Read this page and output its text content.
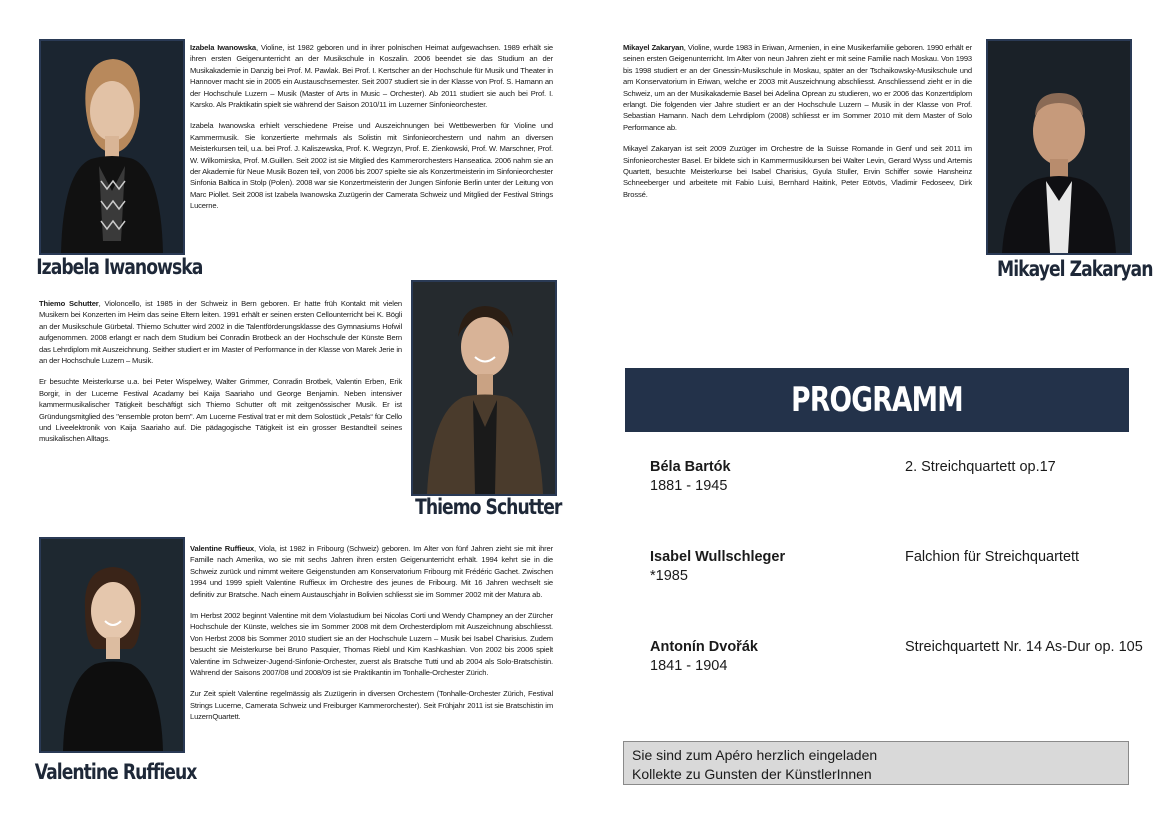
Izabela Iwanowska, Violine, ist 1982 geboren und in ihrer polnischen Heimat aufgewachsen. 1989 erhält sie ihren ersten Geigenunterricht an der Musikschule in Koszalin. 2006 beendet sie das Studium an der Musikakademie in Danzig bei Prof. M. Pawlak. Bei Prof. I. Kertscher an der Hochschule für Musik und Theater in Hannover macht sie in 2005 ein Austauschsemester. Seit 2007 studiert sie in der Klasse von Prof. S. Hamann an der Hochschule Luzern – Musik (Master of Arts in Music – Orchester). Ab 2011 studiert sie auch bei Prof. I. Karsko. Als Praktikatin spielt sie während der Saison 2010/11 im Luzerner Sinfonieorchester.

Izabela Iwanowska erhielt verschiedene Preise und Auszeichnungen bei Wettbewerben für Violine und Kammermusik. Sie konzertierte mehrmals als Solistin mit Sinfonieorchestern und nahm an diversen Meisterkursen teil, u.a. bei Prof. J. Kaliszewska, Prof. K. Wegrzyn, Prof. E. Zienkowski, Prof. W. Marschner, Prof. W. Wilkomirska, Prof. M.Guillen. Seit 2002 ist sie Mitglied des Kammerorchesters Hanseatica. 2006 nahm sie an der Akademie für Neue Musik Bozen teil, von 2006 bis 2007 spielte sie als Konzertmeisterin im Sinfonieorchester Sinfonia Baltica in Stolp (Polen). 2008 war sie Konzertmeisterin der Jungen Sinfonie Berlin unter der Leitung von Marc Piollet. Seit 2008 ist Izabela Iwanowska Zuzügerin der Camerata Schweiz und Mitglied der Festival Strings Lucerne.

Izabela Iwanowska

Thiemo Schutter, Violoncello, ist 1985 in der Schweiz in Bern geboren. Er hatte früh Kontakt mit vielen Musikern bei Konzerten im Heim das seine Eltern leiten. 1991 erhält er seinen ersten Cellounterricht bei K. Bögli an der Musikschule Gürbetal. Thiemo Schutter wird 2002 in die Talentförderungsklasse des Gymnasiums Hofwil aufgenommen. 2008 erlangt er nach dem Studium bei Conradin Brotbeck an der Hochschule der Künste Bern das Lehrdiplom mit Auszeichnung. Seither studiert er im Master of Performance in der Klasse von Marek Jerie in an der Hochschule Luzern – Musik.

Er besuchte Meisterkurse u.a. bei Peter Wispelwey, Walter Grimmer, Conradin Brotbek, Valentin Erben, Erik Borgir, in der Lucerne Festival Acadamy bei Kaija Saariaho und George Benjamin. Neben intensiver kammermusikalischer Tätigkeit beschäftigt sich Thiemo Schutter oft mit zeitgenössischer Musik. Er ist Gründungsmitglied des "ensemble proton bern". Am Lucerne Festival trat er mit dem Solostück „Petals“ für Cello und Liveelektronik von Kaija Saariaho auf. Die pädagogische Tätigkeit ist ein grosser Bestandteil seines musikalischen Alltags.

Thiemo Schutter

Valentine Ruffieux, Viola, ist 1982 in Fribourg (Schweiz) geboren. Im Alter von fünf Jahren zieht sie mit ihrer Famille nach Amerika, wo sie mit sechs Jahren ihren ersten Geigenunterricht erhält. 1994 kehrt sie in die Schweiz zurück und nimmt weitere Geigenstunden am Konservatorium Fribourg mit Frédéric Gachet. Zwischen 1994 und 1999 spielt Valentine Ruffieux im Orchestre des jeunes de Fribourg. Mit 16 Jahren wechselt sie definitiv zur Bratsche. Nach einem Austauschjahr in Bolivien schliesst sie im Sommer 2002 mit der Matura ab.

Im Herbst 2002 beginnt Valentine mit dem Violastudium bei Nicolas Corti und Wendy Champney an der Zürcher Hochschule der Künste, welches sie im Sommer 2008 mit dem Orchesterdiplom mit Auszeichnung abschliesst. Von Herbst 2008 bis Sommer 2010 studiert sie an der Hochschule Luzern – Musik bei Isabel Charisius. Zudem besucht sie Meisterkurse bei Bruno Pasquier, Thomas Riebl und Kim Kashkashian. Von 2002 bis 2006 spielt Valentine im Schweizer-Jugend-Sinfonie-Orchester, zuerst als Bratsche Tutti und ab 2004 als Solo-Bratschistin. Während der Saisons 2007/08 und 2008/09 ist sie Praktikantin im Tonhalle-Orchester Zürich.

Zur Zeit spielt Valentine regelmässig als Zuzügerin in diversen Orchestern (Tonhalle-Orchester Zürich, Festival Strings Lucerne, Camerata Schweiz und Freiburger Kammerorchester). Seit Frühjahr 2011 ist sie Bratschistin im LuzernQuartett.

Valentine Ruffieux

Mikayel Zakaryan, Violine, wurde 1983 in Eriwan, Armenien, in eine Musikerfamilie geboren. 1990 erhält er seinen ersten Geigenunterricht. Im Alter von neun Jahren zieht er mit seine Familie nach Moskau. Von 1993 bis 1998 studiert er an der Gnessin-Musikschule in Moskau, später an der Tschaikowsky-Musikschule und am Konservatorium in Eriwan, welche er 2003 mit Auszeichnung abschliesst. Anschliessend zieht er in die Schweiz, um an der Musikakademie Basel bei Adelina Oprean zu studieren, wo er 2006 das Konzertdiplom erlangt. Die folgenden vier Jahre studiert er an der Hochschule Luzern – Musik in der Klasse von Prof. Sebastian Hamann. Nach dem Lehrdiplom (2008) schliesst er im Sommer 2010 mit dem Master of Solo Performance ab.

Mikayel Zakaryan ist seit 2009 Zuzüger im Orchestre de la Suisse Romande in Genf und seit 2011 im Sinfonieorchester Basel. Er bildete sich in Kammermusikkursen bei Walter Levin, Gerard Wyss und Artemis Quartett, besuchte Meisterkurse bei Isabel Charisius, Gyula Stuller, Ervin Schiffer sowie Hansheinz Schneeberger und arbeitete mit Fabio Luisi, Bernhard Haitink, Peter Eötvös, Vladimir Fedoseev, Dirk Brossé.

Mikayel Zakaryan
PROGRAMM
Béla Bartók
1881 - 1945
2. Streichquartett op.17
Isabel Wullschleger
*1985
Falchion für Streichquartett
Antonín Dvořák
1841 - 1904
Streichquartett Nr. 14 As-Dur op. 105
Sie sind zum Apéro herzlich eingeladen
Kollekte zu Gunsten der KünstlerInnen
